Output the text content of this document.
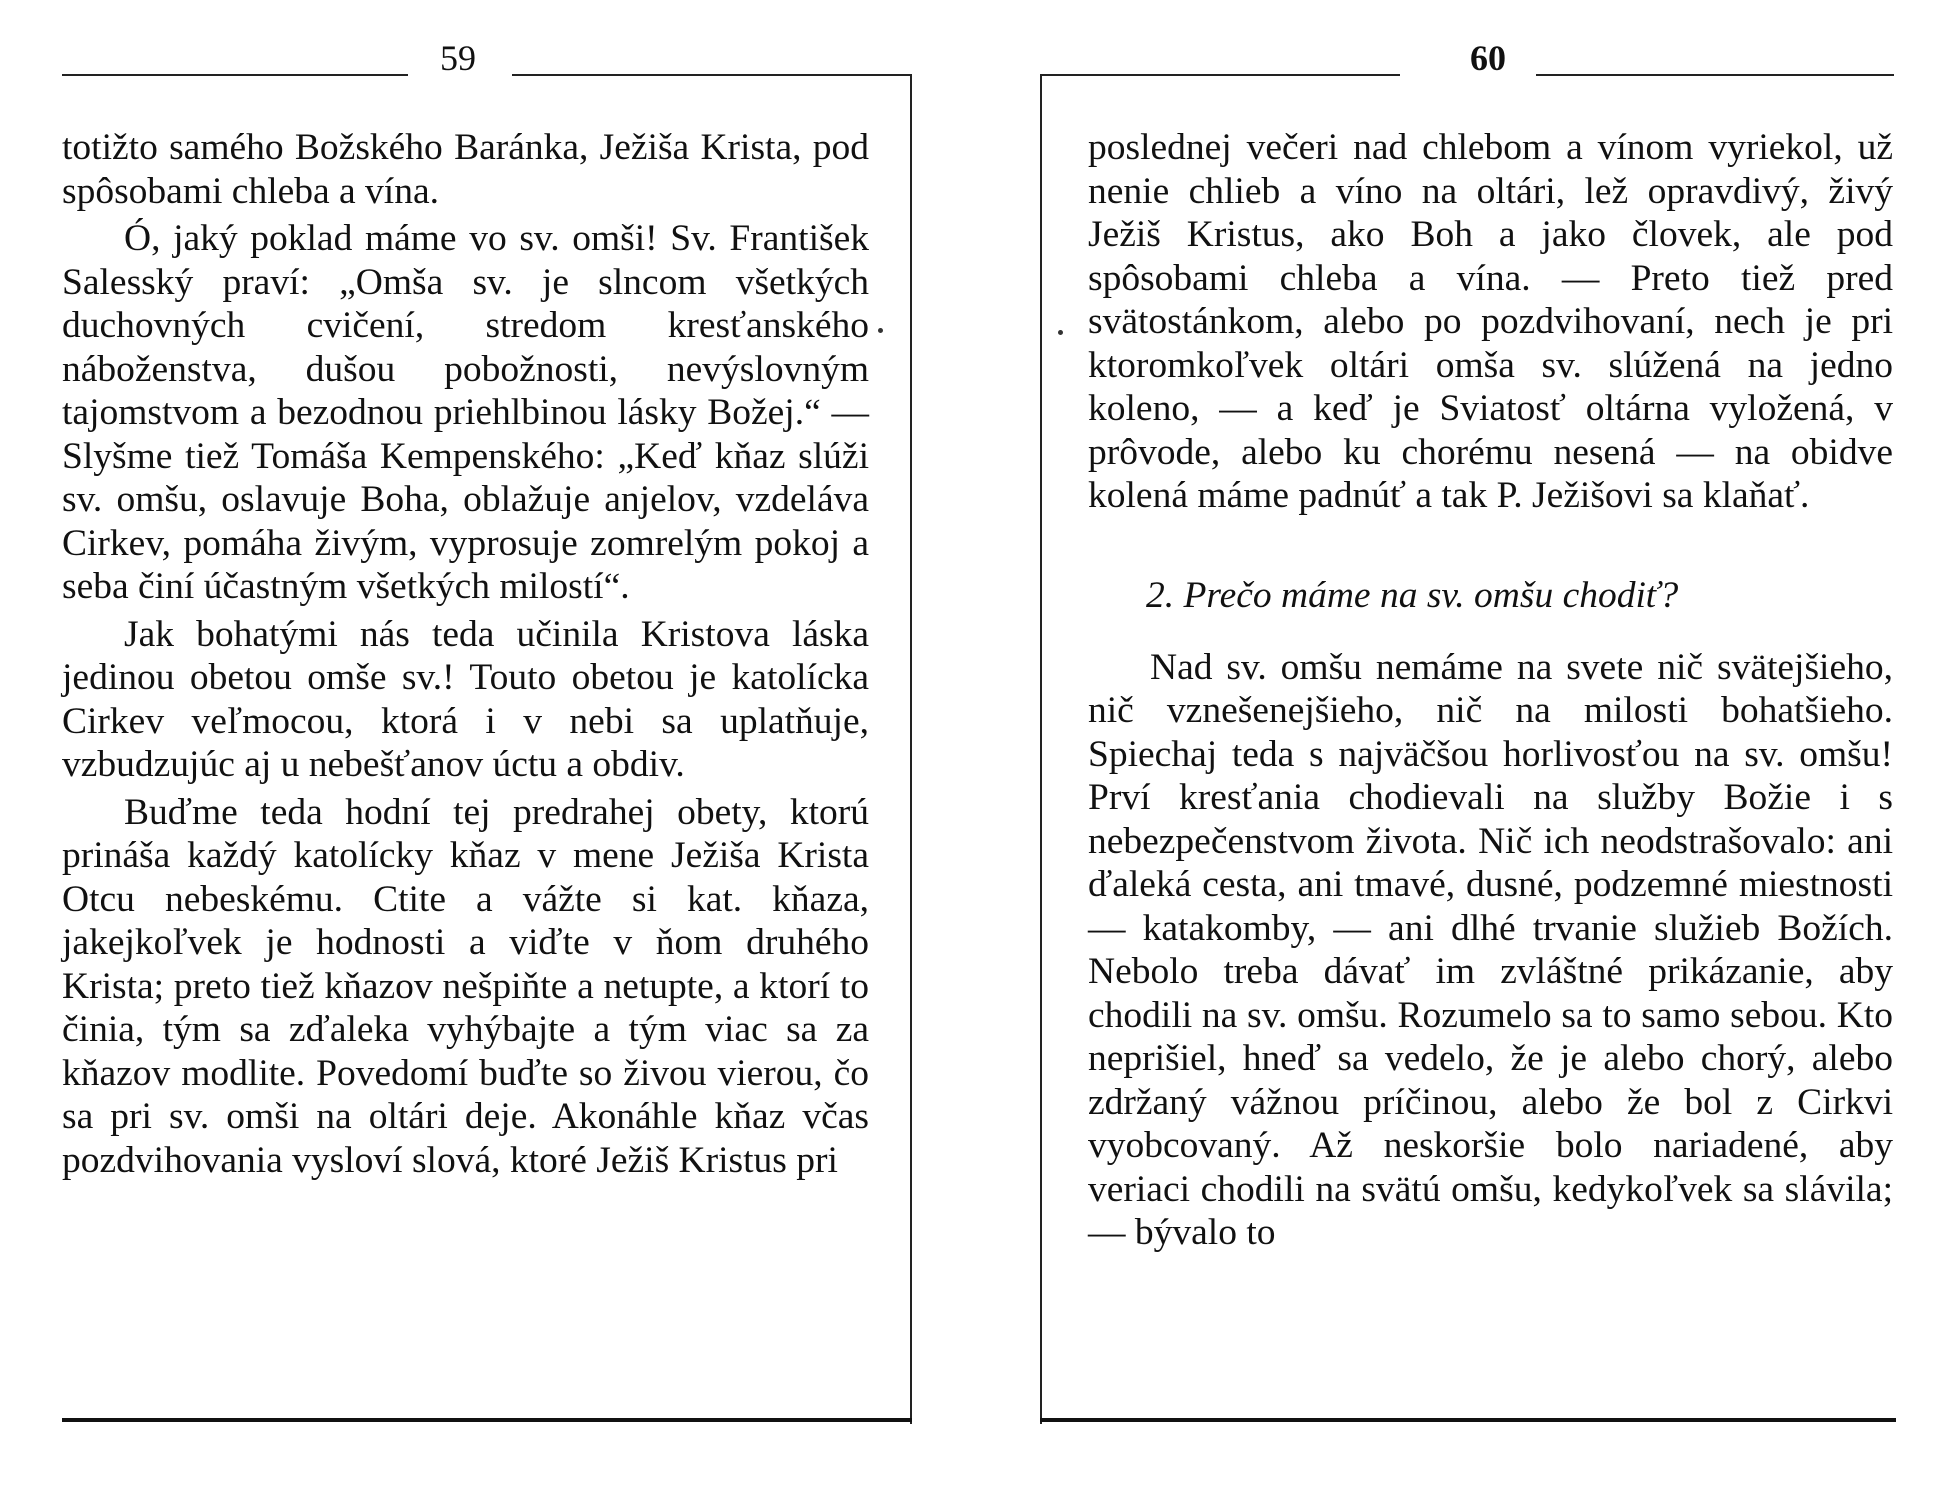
59

totižto samého Božského Baránka, Ježiša Krista, pod spôsobami chleba a vína.

Ó, jaký poklad máme vo sv. omši! Sv. František Salesský praví: „Omša sv. je slncom všetkých duchovných cvičení, stredom kresťanského náboženstva, dušou pobožnosti, nevýslovným tajomstvom a bezodnou priehlbinou lásky Božej.“ — Slyšme tiež Tomáša Kempenského: „Keď kňaz slúži sv. omšu, oslavuje Boha, oblažuje anjelov, vzdeláva Cirkev, pomáha živým, vyprosuje zomrelým pokoj a seba činí účastným všetkých milostí“.

Jak bohatými nás teda učinila Kristova láska jedinou obetou omše sv.! Touto obetou je katolícka Cirkev veľmocou, ktorá i v nebi sa uplatňuje, vzbudzujúc aj u nebešťanov úctu a obdiv.

Buďme teda hodní tej predrahej obety, ktorú prináša každý katolícky kňaz v mene Ježiša Krista Otcu nebeskému. Ctite a vážte si kat. kňaza, jakejkoľvek je hodnosti a viďte v ňom druhého Krista; preto tiež kňazov nešpiňte a netupte, a ktorí to činia, tým sa zďaleka vyhýbajte a tým viac sa za kňazov modlite. Povedomí buďte so živou vierou, čo sa pri sv. omši na oltári deje. Akonáhle kňaz včas pozdvihovania vysloví slová, ktoré Ježiš Kristus pri

60

poslednej večeri nad chlebom a vínom vyriekol, už nenie chlieb a víno na oltári, lež opravdivý, živý Ježiš Kristus, ako Boh a jako človek, ale pod spôsobami chleba a vína. — Preto tiež pred svätostánkom, alebo po pozdvihovaní, nech je pri ktoromkoľvek oltári omša sv. slúžená na jedno koleno, — a keď je Sviatosť oltárna vyložená, v prôvode, alebo ku chorému nesená — na obidve kolená máme padnúť a tak P. Ježišovi sa klaňať.

2. Prečo máme na sv. omšu chodiť?

Nad sv. omšu nemáme na svete nič svätejšieho, nič vznešenejšieho, nič na milosti bohatšieho. Spiechaj teda s najväčšou horlivosťou na sv. omšu! Prví kresťania chodievali na služby Božie i s nebezpečenstvom života. Nič ich neodstrašovalo: ani ďaleká cesta, ani tmavé, dusné, podzemné miestnosti — katakomby, — ani dlhé trvanie služieb Božích. Nebolo treba dávať im zvláštné prikázanie, aby chodili na sv. omšu. Rozumelo sa to samo sebou. Kto neprišiel, hneď sa vedelo, že je alebo chorý, alebo zdržaný vážnou príčinou, alebo že bol z Cirkvi vyobcovaný. Až neskoršie bolo nariadené, aby veriaci chodili na svätú omšu, kedykoľvek sa slávila; — bývalo to
